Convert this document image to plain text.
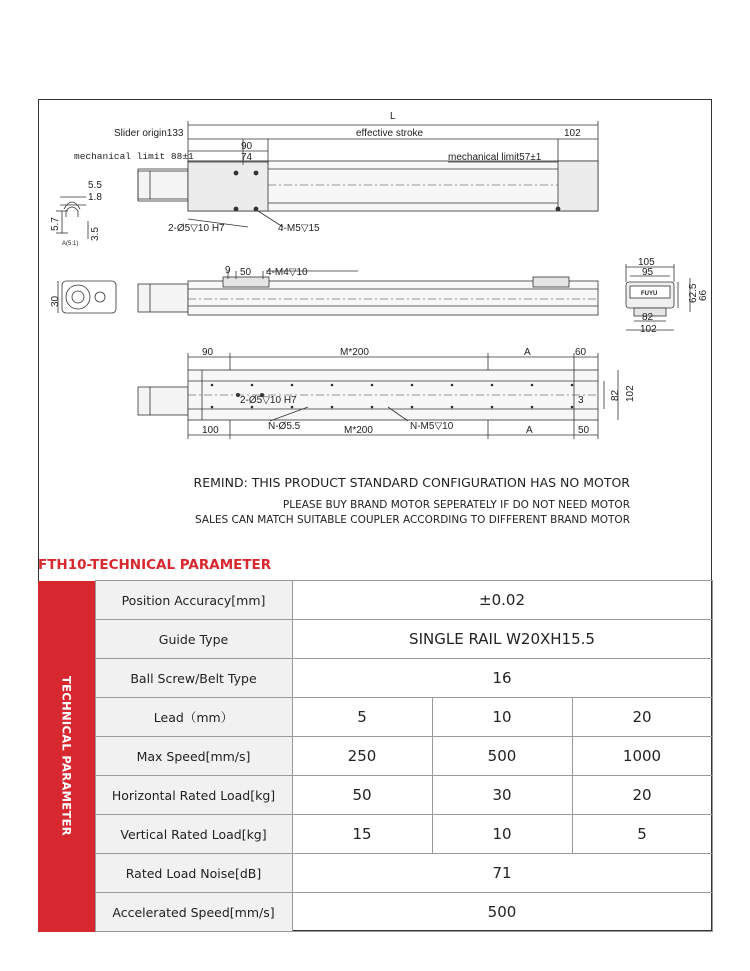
L
Slider origin133	effective stroke	102
90
74
mechanical limit 88±1	mechanical limit57±1
2-Ø5▽10 H7	4-M5▽15
5.5
1.8
5.7
3.5
A(5:1)
9 50 4-M4▽10
30
105
95
62.5 66
82
102
FUYU
90	M*200	A	60
2-Ø5▽10 H7	3	82 102
100	N-Ø5.5	M*200	N-M5▽10	A	50
REMIND: THIS PRODUCT STANDARD CONFIGURATION HAS NO MOTOR
PLEASE BUY BRAND MOTOR SEPERATELY IF DO NOT NEED MOTOR
SALES CAN MATCH SUITABLE COUPLER ACCORDING TO DIFFERENT BRAND MOTOR
FTH10-TECHNICAL PARAMETER
TECHNICAL PARAMETER	Position Accuracy[mm]	±0.02		
	Guide Type	SINGLE RAIL W20XH15.5		
	Ball Screw/Belt Type	16		
	Lead（mm）	5	10	20
	Max Speed[mm/s]	250	500	1000
	Horizontal Rated Load[kg]	50	30	20
	Vertical Rated Load[kg]	15	10	5
	Rated Load Noise[dB]	71		
	Accelerated Speed[mm/s]	500		
